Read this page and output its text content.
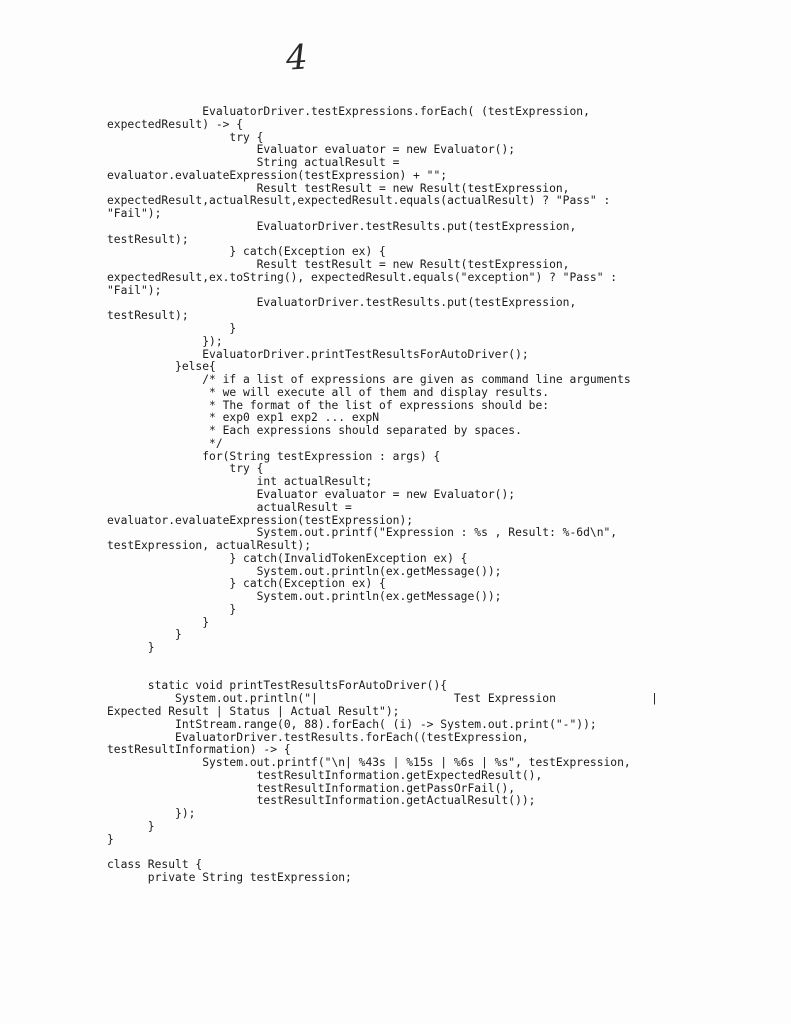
4
EvaluatorDriver.testExpressions.forEach( (testExpression,
expectedResult) -> {
try {
Evaluator evaluator = new Evaluator();
String actualResult =
evaluator.evaluateExpression(testExpression) + "";
Result testResult = new Result(testExpression,
expectedResult,actualResult,expectedResult.equals(actualResult) ? "Pass" :
"Fail");
EvaluatorDriver.testResults.put(testExpression,
testResult);
} catch(Exception ex) {
Result testResult = new Result(testExpression,
expectedResult,ex.toString(), expectedResult.equals("exception") ? "Pass" :
"Fail");
EvaluatorDriver.testResults.put(testExpression,
testResult);
}
});
EvaluatorDriver.printTestResultsForAutoDriver();
}else{
/* if a list of expressions are given as command line arguments
* we will execute all of them and display results.
* The format of the list of expressions should be:
* exp0 exp1 exp2 ... expN
* Each expressions should separated by spaces.
*/
for(String testExpression : args) {
try {
int actualResult;
Evaluator evaluator = new Evaluator();
actualResult =
evaluator.evaluateExpression(testExpression);
System.out.printf("Expression : %s , Result: %-6d\n",
testExpression, actualResult);
} catch(InvalidTokenException ex) {
System.out.println(ex.getMessage());
} catch(Exception ex) {
System.out.println(ex.getMessage());
}
}
}
}
static void printTestResultsForAutoDriver(){
System.out.println("|                    Test Expression              |
Expected Result | Status | Actual Result");
IntStream.range(0, 88).forEach( (i) -> System.out.print("-"));
EvaluatorDriver.testResults.forEach((testExpression,
testResultInformation) -> {
System.out.printf("\n| %43s | %15s | %6s | %s", testExpression,
testResultInformation.getExpectedResult(),
testResultInformation.getPassOrFail(),
testResultInformation.getActualResult());
});
}
}
class Result {
private String testExpression;
